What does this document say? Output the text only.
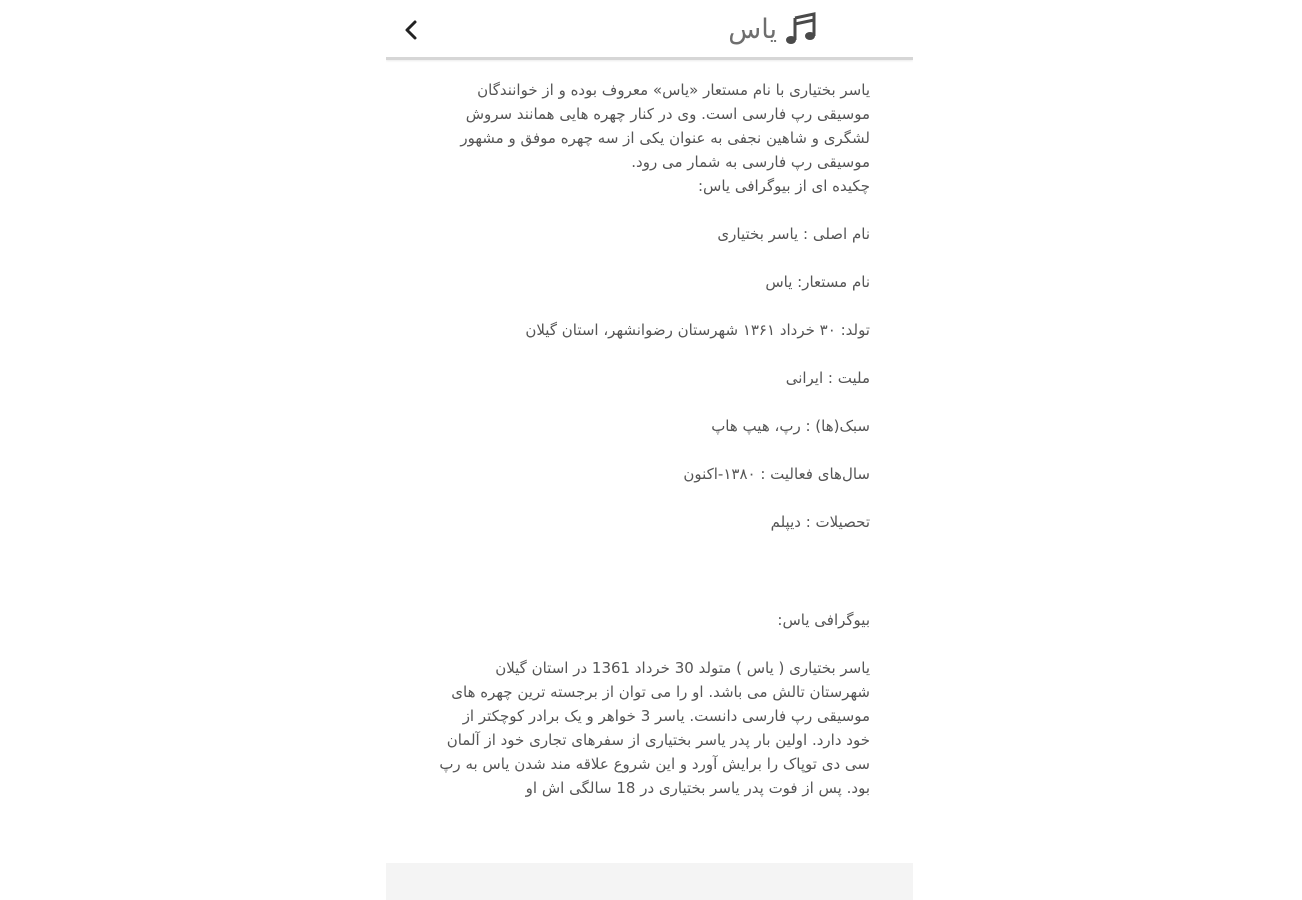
یاس

یاسر بختیاری با نام مستعار «یاس» معروف بوده و از خوانندگان موسیقی رپ فارسی است. وی در کنار چهره هایی همانند سروش لشگری و شاهین نجفی به عنوان یکی از سه چهره موفق و مشهور موسیقی رپ فارسی به شمار می رود.

چکیده ای از بیوگرافی یاس:

نام اصلی : یاسر بختیاری

نام مستعار: یاس

تولد: ۳۰ خرداد ۱۳۶۱ شهرستان رضوانشهر، استان گیلان

ملیت : ایرانی

سبک(ها) : رپ، هیپ هاپ

سال‌های فعالیت : ۱۳۸۰-اکنون

تحصیلات : دیپلم

بیوگرافی یاس:

یاسر بختیاری ( یاس ) متولد 30 خرداد 1361 در استان گیلان شهرستان تالش می باشد. او را می توان از برجسته ترین چهره های موسیقی رپ فارسی دانست. یاسر 3 خواهر و یک برادر کوچکتر از خود دارد. اولین بار پدر یاسر بختیاری از سفرهای تجاری خود از آلمان سی دی توپاک را برایش آورد و این شروع علاقه مند شدن یاس به رپ بود. پس از فوت پدر یاسر بختیاری در 18 سالگی اش او
